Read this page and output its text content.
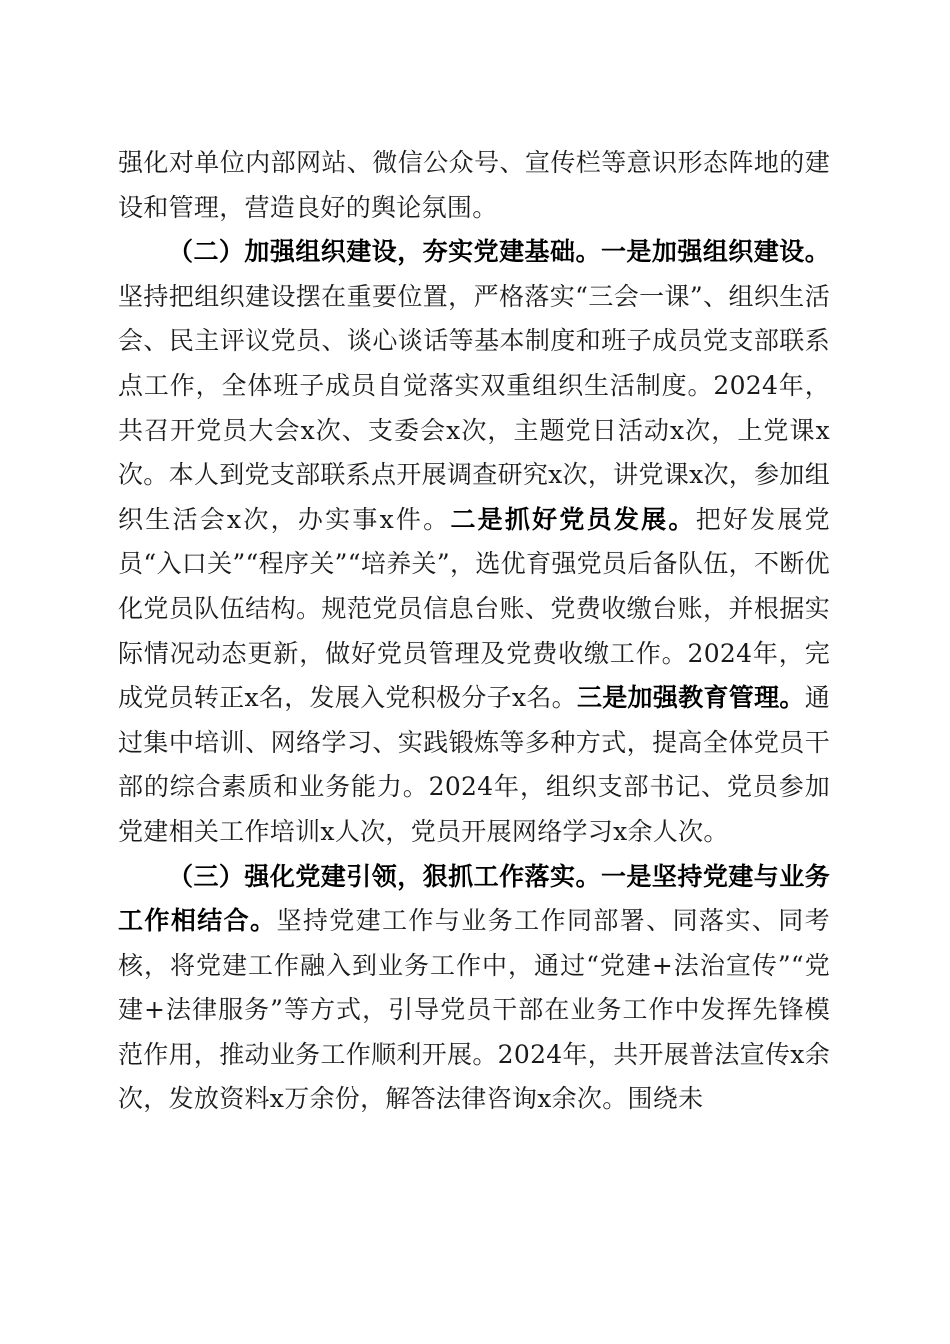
强化对单位内部网站、微信公众号、宣传栏等意识形态阵地的建设和管理，营造良好的舆论氛围。

（二）加强组织建设，夯实党建基础。一是加强组织建设。坚持把组织建设摆在重要位置，严格落实“三会一课”、组织生活会、民主评议党员、谈心谈话等基本制度和班子成员党支部联系点工作，全体班子成员自觉落实双重组织生活制度。2024年，共召开党员大会x次、支委会x次，主题党日活动x次，上党课x次。本人到党支部联系点开展调查研究x次，讲党课x次，参加组织生活会x次，办实事x件。二是抓好党员发展。把好发展党员“入口关”“程序关”“培养关”，选优育强党员后备队伍，不断优化党员队伍结构。规范党员信息台账、党费收缴台账，并根据实际情况动态更新，做好党员管理及党费收缴工作。2024年，完成党员转正x名，发展入党积极分子x名。三是加强教育管理。通过集中培训、网络学习、实践锻炼等多种方式，提高全体党员干部的综合素质和业务能力。2024年，组织支部书记、党员参加党建相关工作培训x人次，党员开展网络学习x余人次。

（三）强化党建引领，狠抓工作落实。一是坚持党建与业务工作相结合。坚持党建工作与业务工作同部署、同落实、同考核，将党建工作融入到业务工作中，通过“党建+法治宣传”“党建+法律服务”等方式，引导党员干部在业务工作中发挥先锋模范作用，推动业务工作顺利开展。2024年，共开展普法宣传x余次，发放资料x万余份，解答法律咨询x余次。围绕未
